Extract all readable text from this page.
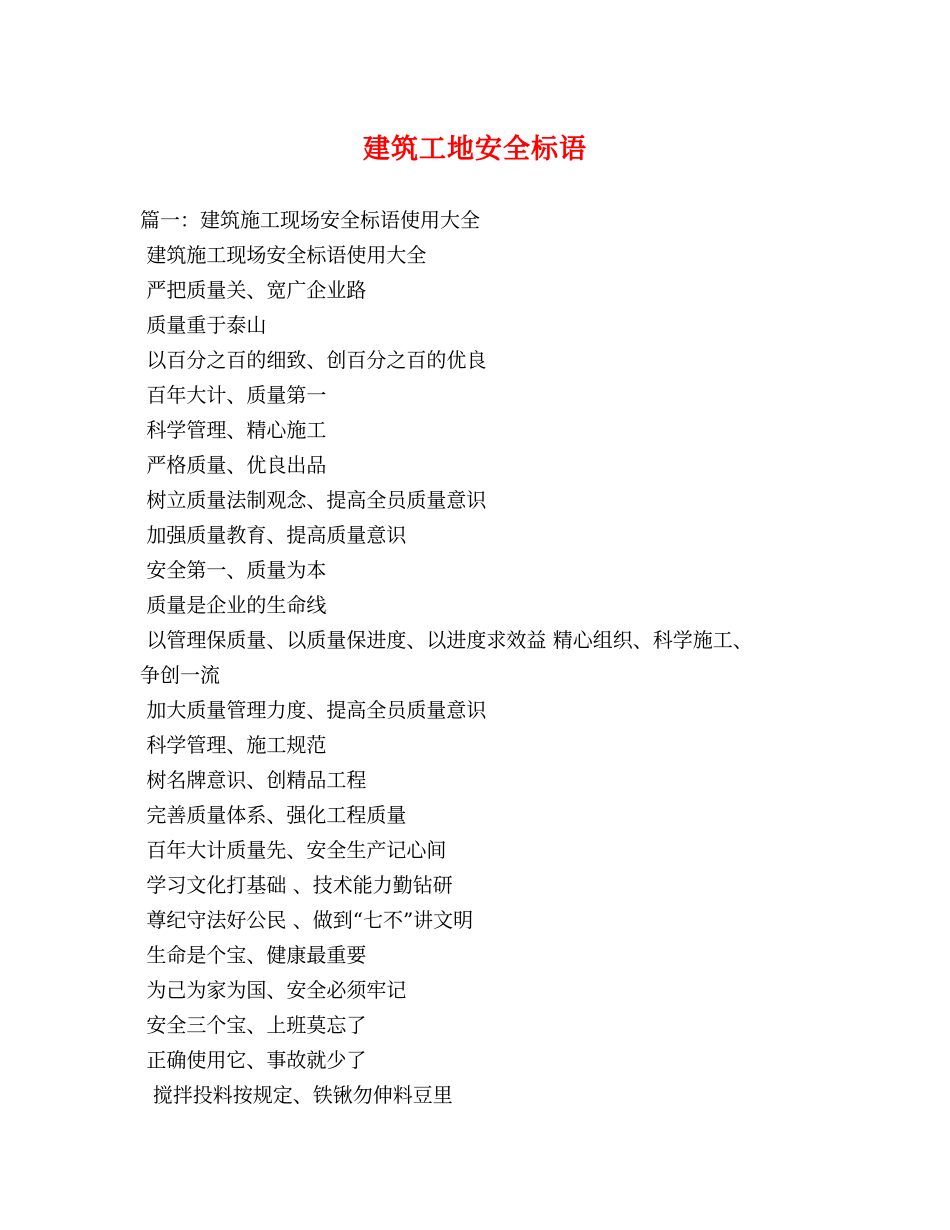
建筑工地安全标语
篇一：建筑施工现场安全标语使用大全
建筑施工现场安全标语使用大全
严把质量关、宽广企业路
质量重于泰山
以百分之百的细致、创百分之百的优良
百年大计、质量第一
科学管理、精心施工
严格质量、优良出品
树立质量法制观念、提高全员质量意识
加强质量教育、提高质量意识
安全第一、质量为本
质量是企业的生命线
以管理保质量、以质量保进度、以进度求效益 精心组织、科学施工、
争创一流
加大质量管理力度、提高全员质量意识
科学管理、施工规范
树名牌意识、创精品工程
完善质量体系、强化工程质量
百年大计质量先、安全生产记心间
学习文化打基础 、技术能力勤钻研
尊纪守法好公民 、做到“七不”讲文明
生命是个宝、健康最重要
为己为家为国、安全必须牢记
安全三个宝、上班莫忘了
正确使用它、事故就少了
搅拌投料按规定、铁锹勿伸料豆里
